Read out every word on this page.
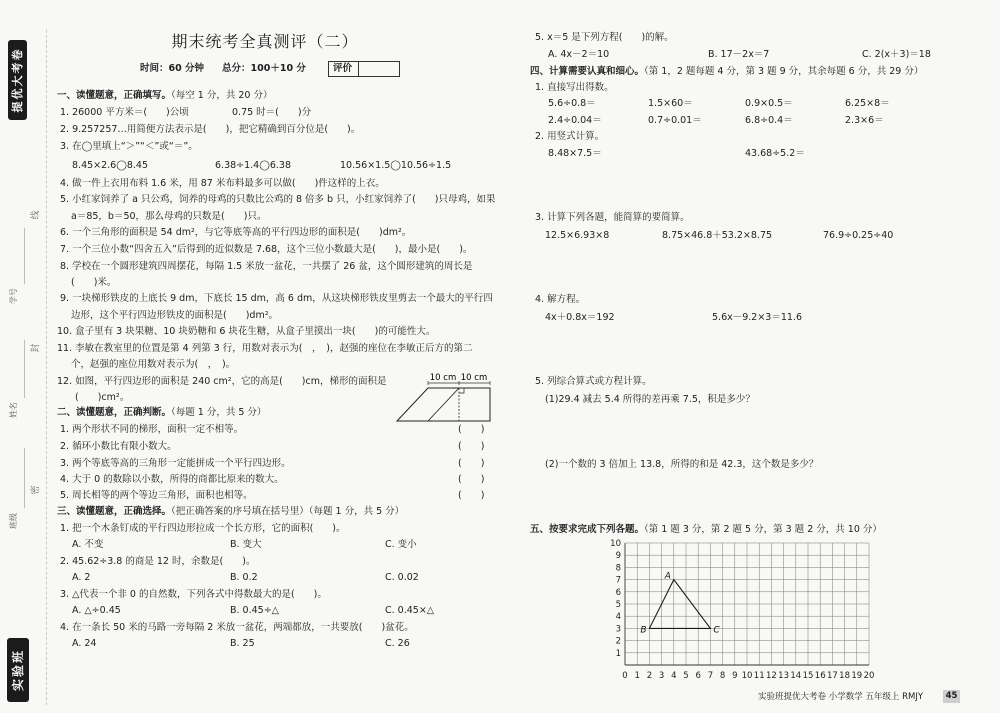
提优大考卷
学号
姓名
班级
线
封
密
实验班
期末统考全真测评（二）
时间：60 分钟 总分：100＋10 分	评价
一、读懂题意，正确填写。（每空 1 分，共 20 分）
1. 26000 平方米＝(　　)公顷	0.75 时＝(　　)分
2. 9.257257…用简便方法表示是(　　)，把它精确到百分位是(　　)。
3. 在◯里填上“＞”“＜”或“＝”。
8.45×2.6◯8.45	6.38÷1.4◯6.38	10.56×1.5◯10.56÷1.5
4. 做一件上衣用布料 1.6 米，用 87 米布料最多可以做(　　)件这样的上衣。
5. 小红家饲养了 a 只公鸡，饲养的母鸡的只数比公鸡的 8 倍多 b 只，小红家饲养了(　　)只母鸡，如果
a＝85，b＝50，那么母鸡的只数是(　　)只。
6. 一个三角形的面积是 54 dm²，与它等底等高的平行四边形的面积是(　　)dm²。
7. 一个三位小数“四舍五入”后得到的近似数是 7.68，这个三位小数最大是(　　)，最小是(　　)。
8. 学校在一个圆形建筑四周摆花，每隔 1.5 米放一盆花，一共摆了 26 盆，这个圆形建筑的周长是
(　　)米。
9. 一块梯形铁皮的上底长 9 dm，下底长 15 dm，高 6 dm，从这块梯形铁皮里剪去一个最大的平行四
边形，这个平行四边形铁皮的面积是(　　)dm²。
10. 盒子里有 3 块果糖、10 块奶糖和 6 块花生糖，从盒子里摸出一块(　　)的可能性大。
11. 李敏在教室里的位置是第 4 列第 3 行，用数对表示为(　，　)，赵强的座位在李敏正后方的第二
个，赵强的座位用数对表示为(　，　)。
12. 如图，平行四边形的面积是 240 cm²，它的高是(　　)cm，梯形的面积是
(　　)cm²。
10 cm 10 cm
二、读懂题意，正确判断。（每题 1 分，共 5 分）
1. 两个形状不同的梯形，面积一定不相等。	(　　)
2. 循环小数比有限小数大。	(　　)
3. 两个等底等高的三角形一定能拼成一个平行四边形。	(　　)
4. 大于 0 的数除以小数，所得的商都比原来的数大。	(　　)
5. 周长相等的两个等边三角形，面积也相等。	(　　)
三、读懂题意，正确选择。（把正确答案的序号填在括号里）（每题 1 分，共 5 分）
1. 把一个木条钉成的平行四边形拉成一个长方形，它的面积(　　)。
A. 不变	B. 变大	C. 变小
2. 45.62÷3.8 的商是 12 时，余数是(　　)。
A. 2	B. 0.2	C. 0.02
3. △代表一个非 0 的自然数，下列各式中得数最大的是(　　)。
A. △÷0.45	B. 0.45÷△	C. 0.45×△
4. 在一条长 50 米的马路一旁每隔 2 米放一盆花，两端都放，一共要放(　　)盆花。
A. 24	B. 25	C. 26
5. x＝5 是下列方程(　　)的解。
A. 4x－2＝10	B. 17－2x＝7	C. 2(x＋3)＝18
四、计算需要认真和细心。（第 1，2 题每题 4 分，第 3 题 9 分，其余每题 6 分，共 29 分）
1. 直接写出得数。
5.6÷0.8＝	1.5×60＝	0.9×0.5＝	6.25×8＝
2.4÷0.04＝	0.7÷0.01＝	6.8÷0.4＝	2.3×6＝
2. 用竖式计算。
8.48×7.5＝	43.68÷5.2＝
3. 计算下列各题，能简算的要简算。
12.5×6.93×8	8.75×46.8＋53.2×8.75	76.9÷0.25÷40
4. 解方程。
4x＋0.8x＝192	5.6x－9.2×3＝11.6
5. 列综合算式或方程计算。
(1)29.4 减去 5.4 所得的差再乘 7.5，积是多少？
(2)一个数的 3 倍加上 13.8，所得的和是 42.3，这个数是多少？
五、按要求完成下列各题。（第 1 题 3 分，第 2 题 5 分，第 3 题 2 分，共 10 分）
0 1 2 3 4 5 6 7 8 9 10 11 12 13 14 15 16 17 18 19 20
1
2
3
4
5
6
7
8
9
10
A
B	C
实验班提优大考卷 小学数学 五年级上 RMJY	45
